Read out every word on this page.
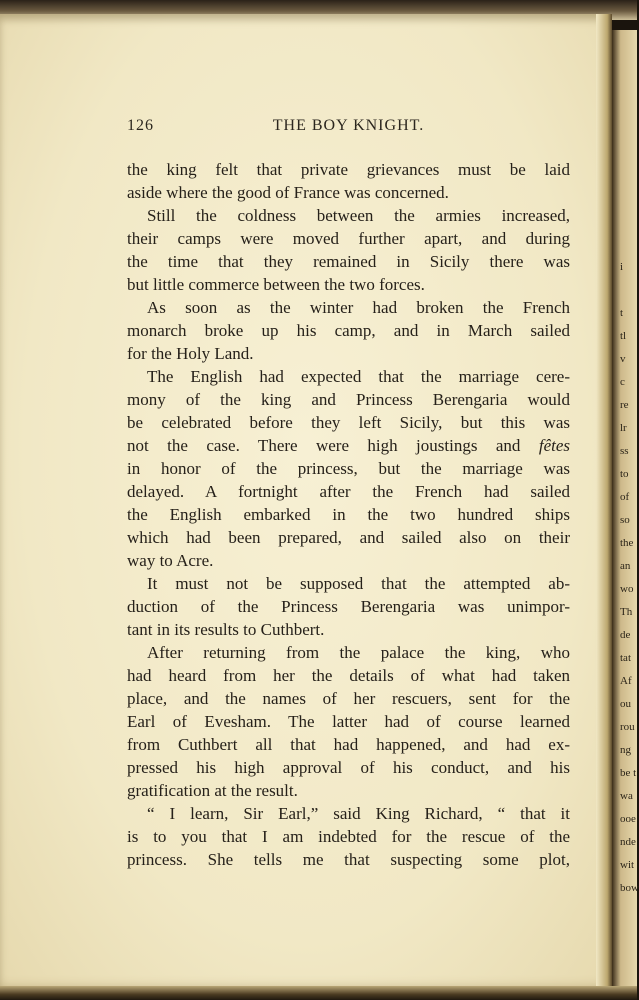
i
t
tl
v
c
re
lr
ss
to
of
so
the
an
wo
Th
de
tat
Af
ou
rou
ng
be t
wa
ooe
nde
wit
bow
126	THE BOY KNIGHT.
the king felt that private grievances must be laid
aside where the good of France was concerned.
Still the coldness between the armies increased,
their camps were moved further apart, and during
the time that they remained in Sicily there was
but little commerce between the two forces.
As soon as the winter had broken the French
monarch broke up his camp, and in March sailed
for the Holy Land.
The English had expected that the marriage cere-
mony of the king and Princess Berengaria would
be celebrated before they left Sicily, but this was
not the case. There were high joustings and fêtes
in honor of the princess, but the marriage was
delayed. A fortnight after the French had sailed
the English embarked in the two hundred ships
which had been prepared, and sailed also on their
way to Acre.
It must not be supposed that the attempted ab-
duction of the Princess Berengaria was unimpor-
tant in its results to Cuthbert.
After returning from the palace the king, who
had heard from her the details of what had taken
place, and the names of her rescuers, sent for the
Earl of Evesham. The latter had of course learned
from Cuthbert all that had happened, and had ex-
pressed his high approval of his conduct, and his
gratification at the result.
“ I learn, Sir Earl,” said King Richard, “ that it
is to you that I am indebted for the rescue of the
princess. She tells me that suspecting some plot,
